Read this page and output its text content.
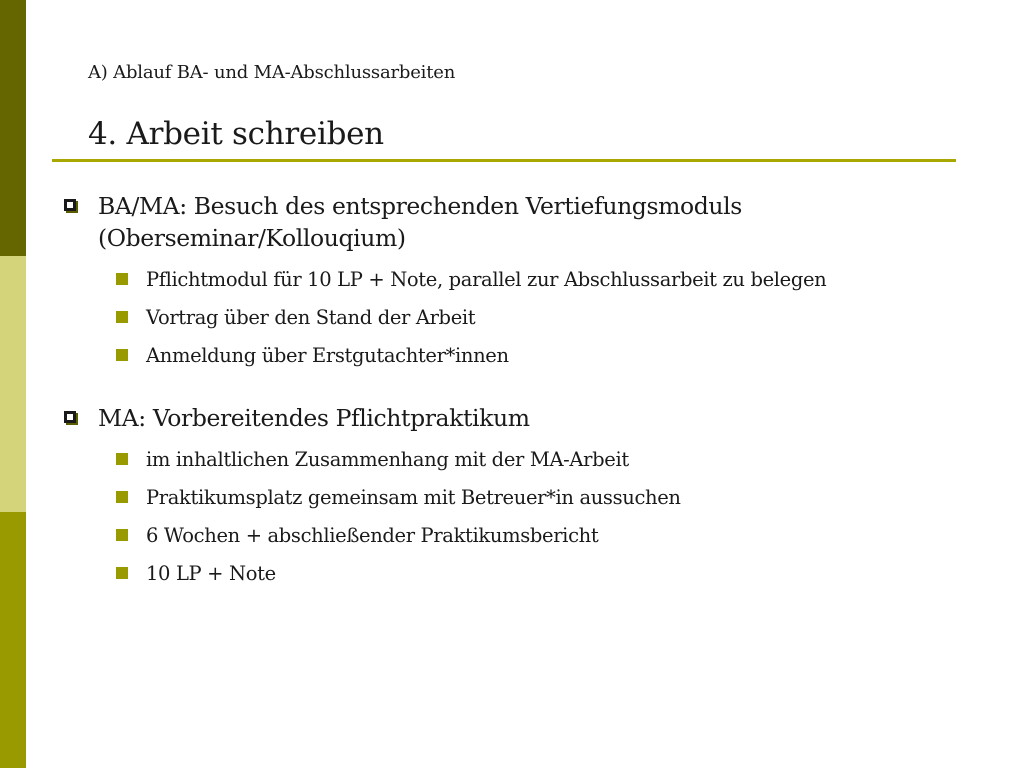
A) Ablauf BA- und MA-Abschlussarbeiten
4. Arbeit schreiben
BA/MA: Besuch des entsprechenden Vertiefungsmoduls
(Oberseminar/Kollouqium)
Pflichtmodul für 10 LP + Note, parallel zur Abschlussarbeit zu belegen
Vortrag über den Stand der Arbeit
Anmeldung über Erstgutachter*innen
MA: Vorbereitendes Pflichtpraktikum
im inhaltlichen Zusammenhang mit der MA-Arbeit
Praktikumsplatz gemeinsam mit Betreuer*in aussuchen
6 Wochen + abschließender Praktikumsbericht
10 LP + Note
